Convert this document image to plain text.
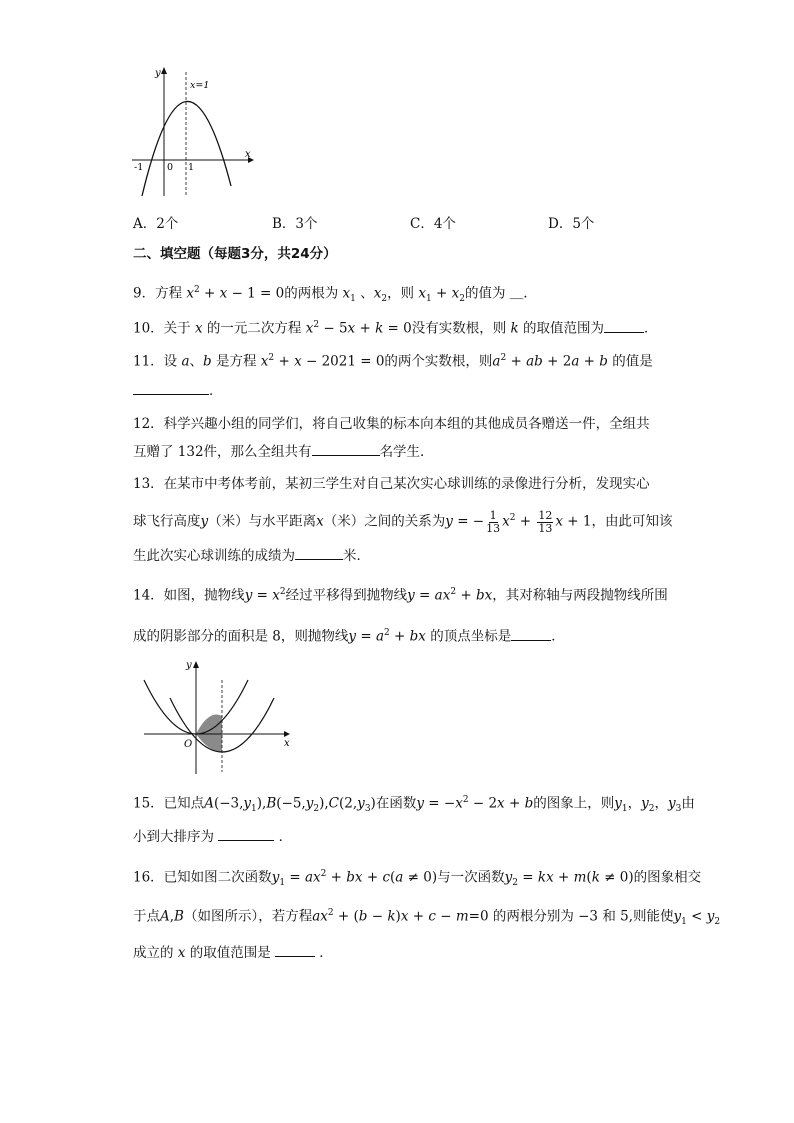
y
x
x=1
-1 0 1
A．2个	B．3个	C．4个	D．5个
二、填空题（每题3分，共24分）
9．方程 $x^2 + x - 1 = 0$的两根为 $x_1$ 、$x_2$，则 $x_1 + x_2$的值为 ＿.
10．关于 x 的一元二次方程 $x^2 - 5x + k = 0$没有实数根，则 k 的取值范围为	．
11．设 a、b 是方程 $x^2 + x - 2021 = 0$的两个实数根，则$a^2$ + ab + 2a + b 的值是
．
12．科学兴趣小组的同学们，将自己收集的标本向本组的其他成员各赠送一件，全组共
互赠了 132件，那么全组共有	名学生．
13．在某市中考体考前，某初三学生对自己某次实心球训练的录像进行分析，发现实心
球飞行高度y（米）与水平距离x（米）之间的关系为y = − $\frac{1}{13} x^2 + \frac{12}{13}$ x + 1，由此可知该
生此次实心球训练的成绩为	米．
14．如图，抛物线$y = x^2$经过平移得到抛物线$y = ax^2$ + bx，其对称轴与两段抛物线所围
成的阴影部分的面积是 8，则抛物线$y = a^2$ + bx 的顶点坐标是	．
y
x
O
15．已知点$A(-3,y_1),B(-5,y_2),C(2,y_3)$在函数$y = -x^2 - 2x + b$的图象上，则$y_1$，$y_2$，$y_3$由
小到大排序为	．
16．已知如图二次函数$y_1 = ax^2$ + bx + c(a ≠ 0)与一次函数$y_2$ = kx + m(k ≠ 0)的图象相交
于点A,B（如图所示），若方程$ax^2 + (b - k)x + c - m=0$ 的两根分别为 −3 和 5,则能使$y_1 < y_2$
成立的 x 的取值范围是	．
